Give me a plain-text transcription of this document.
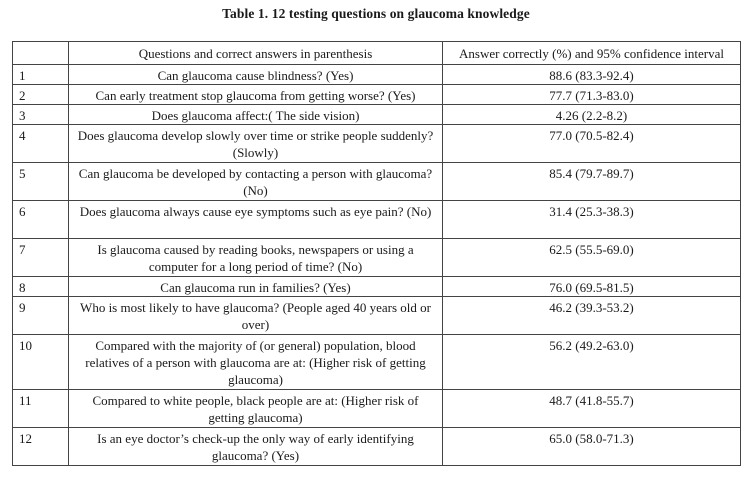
Table 1. 12 testing questions on glaucoma knowledge
	Questions and correct answers in parenthesis	Answer correctly (%) and 95% confidence interval
1	Can glaucoma cause blindness? (Yes)	88.6 (83.3-92.4)
2	Can early treatment stop glaucoma from getting worse? (Yes)	77.7 (71.3-83.0)
3	Does glaucoma affect:( The side vision)	4.26 (2.2-8.2)
4	Does glaucoma develop slowly over time or strike people suddenly? (Slowly)	77.0 (70.5-82.4)
5	Can glaucoma be developed by contacting a person with glaucoma? (No)	85.4 (79.7-89.7)
6	Does glaucoma always cause eye symptoms such as eye pain? (No)	31.4 (25.3-38.3)
7	Is glaucoma caused by reading books, newspapers or using a computer for a long period of time? (No)	62.5 (55.5-69.0)
8	Can glaucoma run in families? (Yes)	76.0 (69.5-81.5)
9	Who is most likely to have glaucoma? (People aged 40 years old or over)	46.2 (39.3-53.2)
10	Compared with the majority of (or general) population, blood relatives of a person with glaucoma are at: (Higher risk of getting glaucoma)	56.2 (49.2-63.0)
11	Compared to white people, black people are at: (Higher risk of getting glaucoma)	48.7 (41.8-55.7)
12	Is an eye doctor’s check-up the only way of early identifying glaucoma? (Yes)	65.0 (58.0-71.3)
